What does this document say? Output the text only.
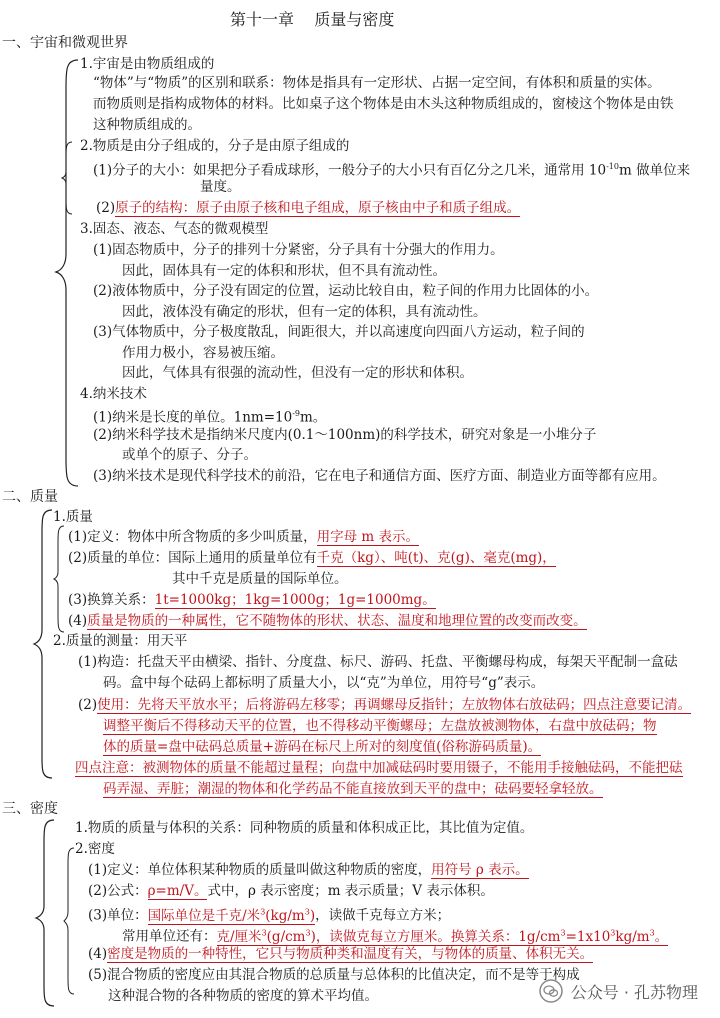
第十一章    质量与密度
一、宇宙和微观世界
1.宇宙是由物质组成的
“物体”与“物质”的区别和联系：物体是指具有一定形状、占据一定空间，有体积和质量的实体。
而物质则是指构成物体的材料。比如桌子这个物体是由木头这种物质组成的，窗棱这个物体是由铁
这种物质组成的。
2.物质是由分子组成的，分子是由原子组成的
(1)分子的大小：如果把分子看成球形，一般分子的大小只有百亿分之几米，通常用 $10^{-10}m$ 做单位来
量度。
(2)原子的结构：原子由原子核和电子组成，原子核由中子和质子组成。
3.固态、液态、气态的微观模型
(1)固态物质中，分子的排列十分紧密，分子具有十分强大的作用力。
因此，固体具有一定的体积和形状，但不具有流动性。
(2)液体物质中，分子没有固定的位置，运动比较自由，粒子间的作用力比固体的小。
因此，液体没有确定的形状，但有一定的体积，具有流动性。
(3)气体物质中，分子极度散乱，间距很大，并以高速度向四面八方运动，粒子间的
作用力极小，容易被压缩。
因此，气体具有很强的流动性，但没有一定的形状和体积。
4.纳米技术
(1)纳米是长度的单位。$1nm=10^{-9}m$。
(2)纳米科学技术是指纳米尺度内(0.1～100nm)的科学技术，研究对象是一小堆分子
或单个的原子、分子。
(3)纳米技术是现代科学技术的前沿，它在电子和通信方面、医疗方面、制造业方面等都有应用。
二、质量
1.质量
(1)定义：物体中所含物质的多少叫质量，用字母 m 表示。
(2)质量的单位：国际上通用的质量单位有千克（kg）、吨(t)、克(g)、毫克(mg)，
其中千克是质量的国际单位。
(3)换算关系：1t=1000kg；1kg=1000g；1g=1000mg。
(4)质量是物质的一种属性，它不随物体的形状、状态、温度和地理位置的改变而改变。
2.质量的测量：用天平
(1)构造：托盘天平由横梁、指针、分度盘、标尺、游码、托盘、平衡螺母构成，每架天平配制一盒砝
码。盒中每个砝码上都标明了质量大小，以“克”为单位，用符号“g”表示。
(2)使用：先将天平放水平；后将游码左移零；再调螺母反指针；左放物体右放砝码；四点注意要记清。
调整平衡后不得移动天平的位置，也不得移动平衡螺母；左盘放被测物体，右盘中放砝码；物
体的质量=盘中砝码总质量+游码在标尺上所对的刻度值(俗称游码质量)。
四点注意：被测物体的质量不能超过量程；向盘中加减砝码时要用镊子，不能用手接触砝码，不能把砝
码弄湿、弄脏；潮湿的物体和化学药品不能直接放到天平的盘中；砝码要轻拿轻放。
三、密度
1.物质的质量与体积的关系：同种物质的质量和体积成正比，其比值为定值。
2.密度
(1)定义：单位体积某种物质的质量叫做这种物质的密度，用符号 ρ 表示。
(2)公式：ρ=m/V。式中，ρ 表示密度；m 表示质量；V 表示体积。
(3)单位：国际单位是千克/米$^3(kg/m^3)$，读做千克每立方米；
常用单位还有：克/厘米$^3(g/cm^3)$，读做克每立方厘米。换算关系：$1g/cm^3=1x10^3kg/m^3$。
(4)密度是物质的一种特性，它只与物质种类和温度有关，与物体的质量、体积无关。
(5)混合物质的密度应由其混合物质的总质量与总体积的比值决定，而不是等于构成
这种混合物的各种物质的密度的算术平均值。	公众号 · 孔苏物理
